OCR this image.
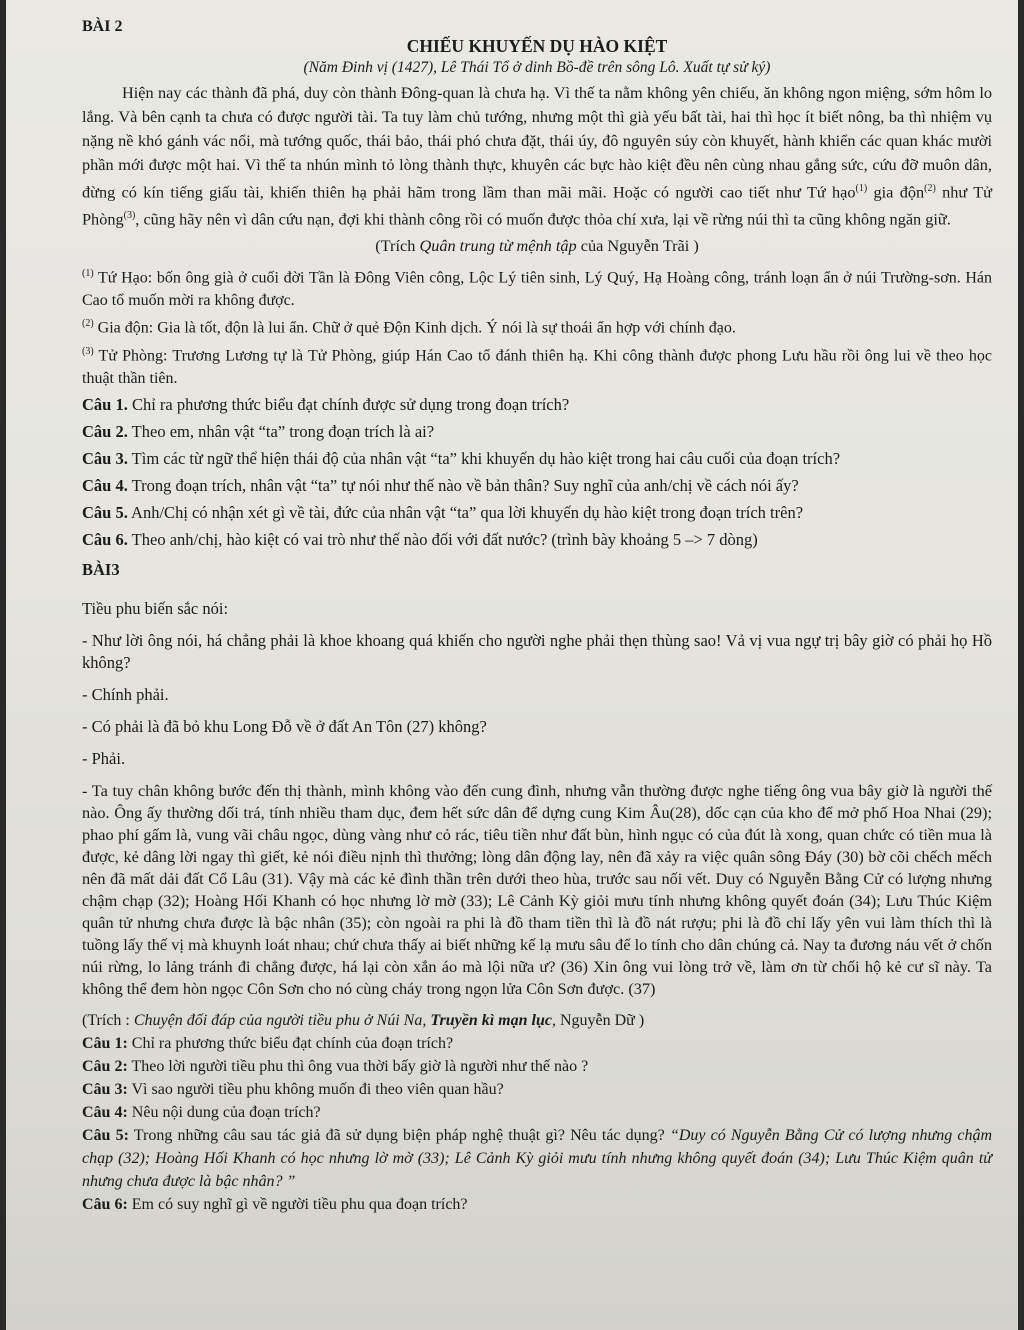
BÀI 2
CHIẾU KHUYẾN DỤ HÀO KIỆT
(Năm Đinh vị (1427), Lê Thái Tổ ở dinh Bồ-đề trên sông Lô. Xuất tự sử ký)

Hiện nay các thành đã phá, duy còn thành Đông-quan là chưa hạ. Vì thế ta nằm không yên chiếu, ăn không ngon miệng, sớm hôm lo lắng. Và bên cạnh ta chưa có được người tài. Ta tuy làm chủ tướng, nhưng một thì già yếu bất tài, hai thì học ít biết nông, ba thì nhiệm vụ nặng nề khó gánh vác nổi, mà tướng quốc, thái bảo, thái phó chưa đặt, thái úy, đô nguyên súy còn khuyết, hành khiển các quan khác mười phần mới được một hai. Vì thế ta nhún mình tỏ lòng thành thực, khuyên các bực hào kiệt đều nên cùng nhau gắng sức, cứu đỡ muôn dân, đừng có kín tiếng giấu tài, khiến thiên hạ phải hãm trong lầm than mãi mãi. Hoặc có người cao tiết như Tứ hạo$^{(1)}$ gia độn$^{(2)}$ như Tử Phòng$^{(3)}$, cũng hãy nên vì dân cứu nạn, đợi khi thành công rồi có muốn được thỏa chí xưa, lại về rừng núi thì ta cũng không ngăn giữ.

(Trích Quân trung từ mệnh tập của Nguyễn Trãi )

$^{(1)}$ Tứ Hạo: bốn ông già ở cuối đời Tần là Đông Viên công, Lộc Lý tiên sinh, Lý Quý, Hạ Hoàng công, tránh loạn ẩn ở núi Trường-sơn. Hán Cao tổ muốn mời ra không được.

$^{(2)}$ Gia độn: Gia là tốt, độn là lui ẩn. Chữ ở quẻ Độn Kinh dịch. Ý nói là sự thoái ẩn hợp với chính đạo.

$^{(3)}$ Tử Phòng: Trương Lương tự là Tử Phòng, giúp Hán Cao tổ đánh thiên hạ. Khi công thành được phong Lưu hầu rồi ông lui về theo học thuật thần tiên.

Câu 1. Chỉ ra phương thức biểu đạt chính được sử dụng trong đoạn trích?

Câu 2. Theo em, nhân vật “ta” trong đoạn trích là ai?

Câu 3. Tìm các từ ngữ thể hiện thái độ của nhân vật “ta” khi khuyến dụ hào kiệt trong hai câu cuối của đoạn trích?

Câu 4. Trong đoạn trích, nhân vật “ta” tự nói như thế nào về bản thân? Suy nghĩ của anh/chị về cách nói ấy?

Câu 5. Anh/Chị có nhận xét gì về tài, đức của nhân vật “ta” qua lời khuyến dụ hào kiệt trong đoạn trích trên?

Câu 6. Theo anh/chị, hào kiệt có vai trò như thế nào đối với đất nước? (trình bày khoảng 5 –> 7 dòng)

BÀI3

Tiều phu biến sắc nói:

- Như lời ông nói, há chẳng phải là khoe khoang quá khiến cho người nghe phải thẹn thùng sao! Vả vị vua ngự trị bây giờ có phải họ Hồ không?

- Chính phải.

- Có phải là đã bỏ khu Long Đỗ về ở đất An Tôn (27) không?

- Phải.

- Ta tuy chân không bước đến thị thành, mình không vào đến cung đình, nhưng vẫn thường được nghe tiếng ông vua bây giờ là người thế nào. Ông ấy thường dối trá, tính nhiều tham dục, đem hết sức dân để dựng cung Kim Âu(28), dốc cạn của kho để mở phố Hoa Nhai (29); phao phí gấm là, vung vãi châu ngọc, dùng vàng như cỏ rác, tiêu tiền như đất bùn, hình ngục có của đút là xong, quan chức có tiền mua là được, kẻ dâng lời ngay thì giết, kẻ nói điều nịnh thì thưởng; lòng dân động lay, nên đã xảy ra việc quân sông Đáy (30) bờ cõi chếch mếch nên đã mất dải đất Cổ Lâu (31). Vậy mà các kẻ đình thần trên dưới theo hùa, trước sau nối vết. Duy có Nguyễn Bằng Cử có lượng nhưng chậm chạp (32); Hoàng Hối Khanh có học nhưng lờ mờ (33); Lê Cảnh Kỳ giỏi mưu tính nhưng không quyết đoán (34); Lưu Thúc Kiệm quân tử nhưng chưa được là bậc nhân (35); còn ngoài ra phi là đồ tham tiền thì là đồ nát rượu; phi là đồ chỉ lấy yên vui làm thích thì là tuồng lấy thế vị mà khuynh loát nhau; chứ chưa thấy ai biết những kế lạ mưu sâu để lo tính cho dân chúng cả. Nay ta đương náu vết ở chốn núi rừng, lo lảng tránh đi chẳng được, há lại còn xắn áo mà lội nữa ư? (36) Xin ông vui lòng trở về, làm ơn từ chối hộ kẻ cư sĩ này. Ta không thể đem hòn ngọc Côn Sơn cho nó cùng cháy trong ngọn lửa Côn Sơn được. (37)

(Trích : Chuyện đối đáp của người tiều phu ở Núi Na, Truyền kì mạn lục, Nguyễn Dữ )

Câu 1: Chỉ ra phương thức biểu đạt chính của đoạn trích?

Câu 2: Theo lời người tiều phu thì ông vua thời bấy giờ là người như thế nào ?

Câu 3: Vì sao người tiều phu không muốn đi theo viên quan hầu?

Câu 4: Nêu nội dung của đoạn trích?

Câu 5: Trong những câu sau tác giả đã sử dụng biện pháp nghệ thuật gì? Nêu tác dụng? “Duy có Nguyễn Bằng Cử có lượng nhưng chậm chạp (32); Hoàng Hối Khanh có học nhưng lờ mờ (33); Lê Cảnh Kỳ giỏi mưu tính nhưng không quyết đoán (34); Lưu Thúc Kiệm quân tử nhưng chưa được là bậc nhân? ”

Câu 6: Em có suy nghĩ gì về người tiều phu qua đoạn trích?
